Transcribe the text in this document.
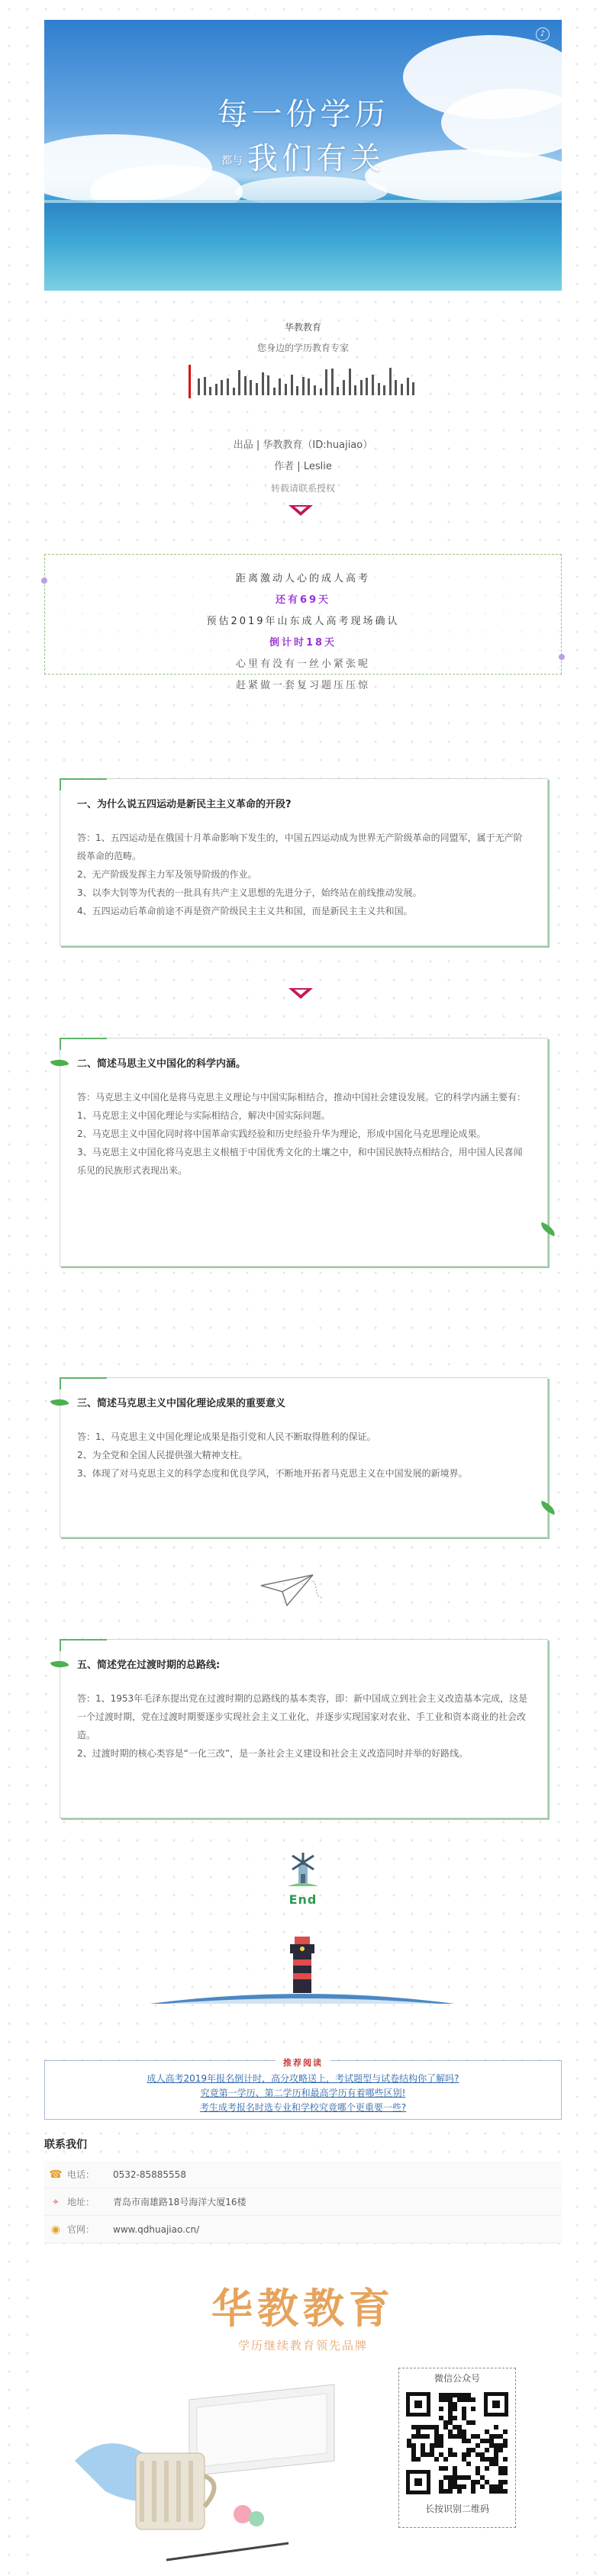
♪
每一份学历
都与 我们有关
华教教育
您身边的学历教育专家
出品 | 华教教育（ID:huajiao）
作者 | Leslie
转载请联系授权
距离激动人心的成人高考
还有69天
预估2019年山东成人高考现场确认
倒计时18天
心里有没有一丝小紧张呢
赶紧做一套复习题压压惊
一、为什么说五四运动是新民主主义革命的开段?
答：1、五四运动是在俄国十月革命影响下发生的，中国五四运动成为世界无产阶级革命的同盟军，属于无产阶级革命的范畴。
2、无产阶级发挥主力军及领导阶级的作业。
3、以李大钊等为代表的一批具有共产主义思想的先进分子，始终站在前线推动发展。
4、五四运动后革命前途不再是资产阶级民主主义共和国，而是新民主主义共和国。
二、简述马思主义中国化的科学内涵。
答：马克思主义中国化是将马克思主义理论与中国实际相结合，推动中国社会建设发展。它的科学内涵主要有：
1、马克思主义中国化理论与实际相结合，解决中国实际问题。
2、马克思主义中国化同时将中国革命实践经验和历史经验升华为理论，形成中国化马克思理论成果。
3、马克思主义中国化将马克思主义根植于中国优秀文化的土壤之中，和中国民族特点相结合，用中国人民喜闻乐见的民族形式表现出来。
三、简述马克思主义中国化理论成果的重要意义
答：1、马克思主义中国化理论成果是指引党和人民不断取得胜利的保证。
2、为全党和全国人民提供强大精神支柱。
3、体现了对马克思主义的科学态度和优良学风，不断地开拓者马克思主义在中国发展的新境界。
五、简述党在过渡时期的总路线:
答：1、1953年毛泽东提出党在过渡时期的总路线的基本类容，即：新中国成立到社会主义改造基本完成，这是一个过渡时期，党在过渡时期要逐步实现社会主义工业化，并逐步实现国家对农业、手工业和资本商业的社会改造。
2、过渡时期的核心类容是“一化三改”，是一条社会主义建设和社会主义改造同时并举的好路线。
End
推荐阅读
成人高考2019年报名倒计时，高分攻略送上，考试题型与试卷结构你了解吗?
究竟第一学历、第二学历和最高学历有着哪些区别!
考生成考报名时选专业和学校究竟哪个更重要一些?
联系我们
☎ 电话：	0532-85885558
⌖ 地址：	青岛市南雄路18号海洋大厦16楼
◉ 官网：	www.qdhuajiao.cn/
华教教育
学历继续教育领先品牌
微信公众号
长按识别二维码
